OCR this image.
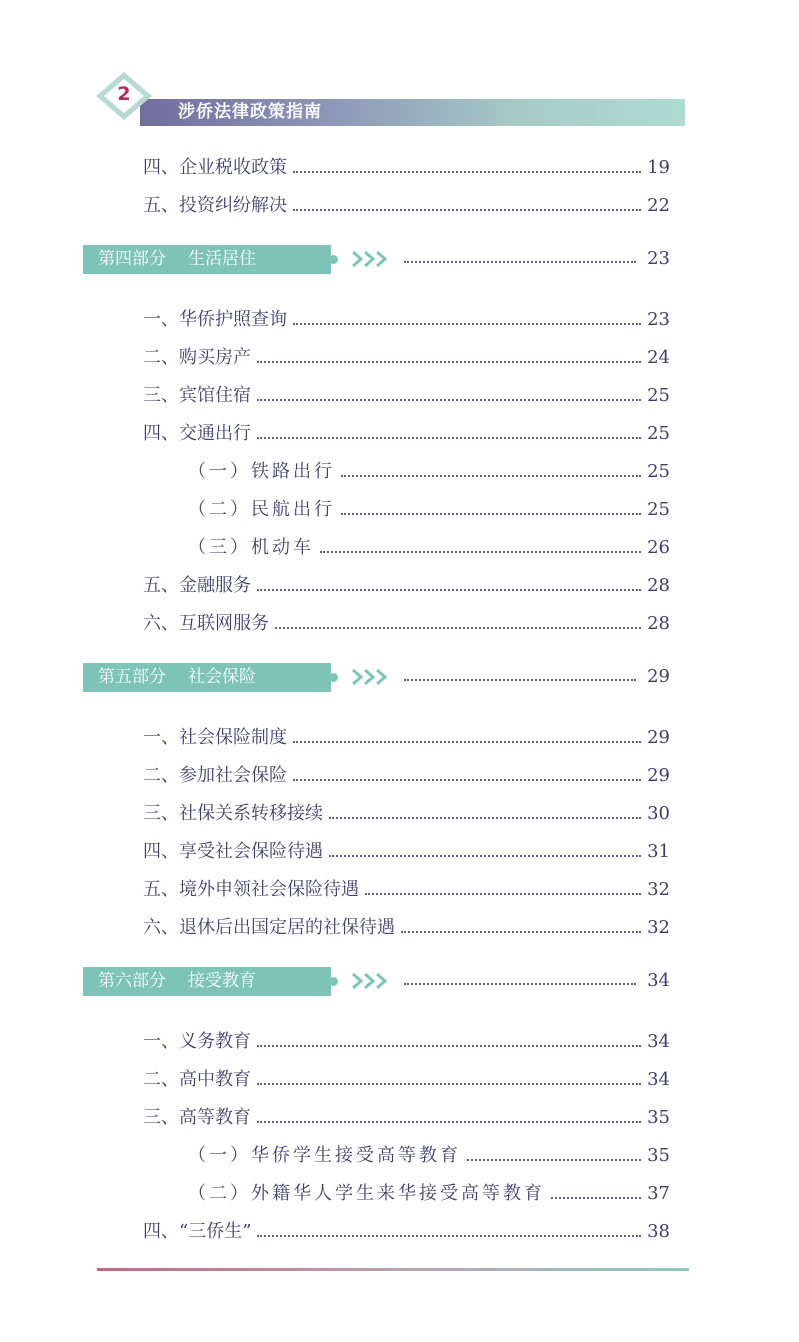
2
涉侨法律政策指南
四、企业税收政策	19
五、投资纠纷解决	22
第四部分 生活居住	23
一、华侨护照查询	23
二、购买房产	24
三、宾馆住宿	25
四、交通出行	25
（一）铁路出行	25
（二）民航出行	25
（三）机动车	26
五、金融服务	28
六、互联网服务	28
第五部分 社会保险	29
一、社会保险制度	29
二、参加社会保险	29
三、社保关系转移接续	30
四、享受社会保险待遇	31
五、境外申领社会保险待遇	32
六、退休后出国定居的社保待遇	32
第六部分 接受教育	34
一、义务教育	34
二、高中教育	34
三、高等教育	35
（一）华侨学生接受高等教育	35
（二）外籍华人学生来华接受高等教育	37
四、“三侨生”	38
